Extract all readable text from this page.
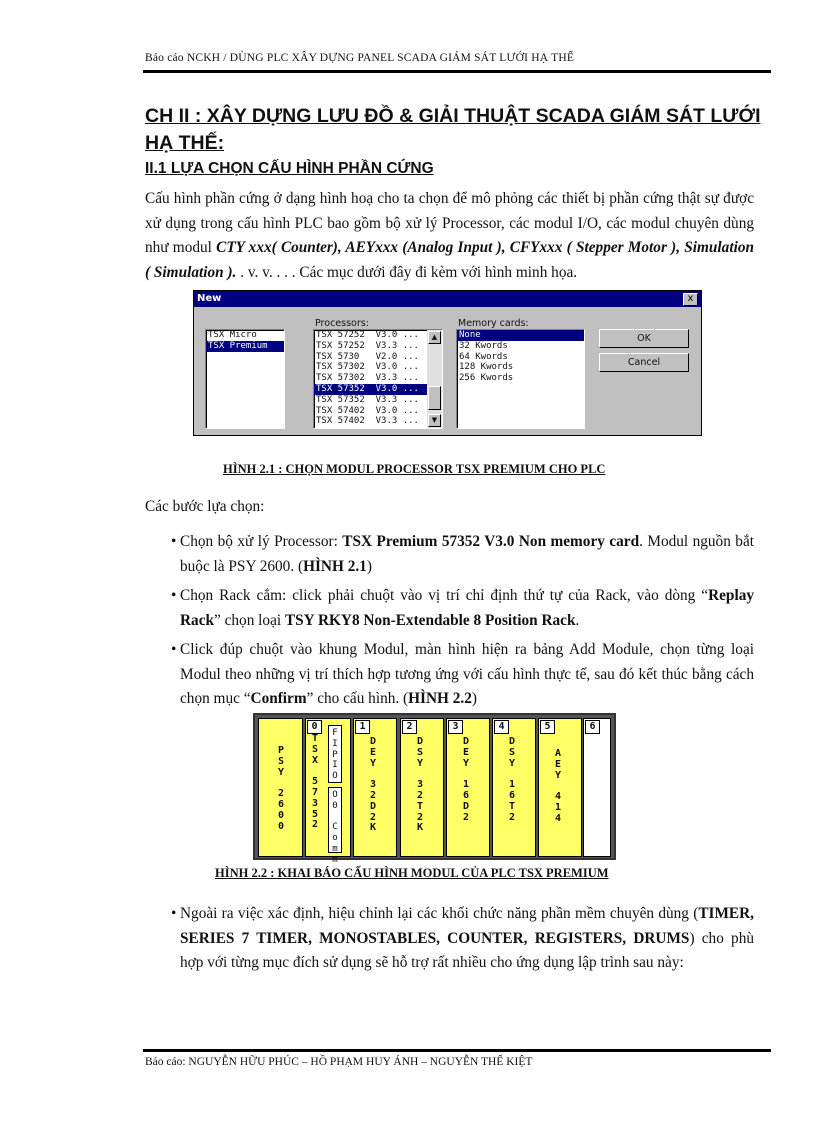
Báo cáo NCKH / DÙNG PLC XÂY DỰNG PANEL SCADA GIÁM SÁT LƯỚI HẠ THẾ
CH II : XÂY DỰNG LƯU ĐỒ & GIẢI THUẬT SCADA GIÁM SÁT LƯỚI HẠ THẾ:
II.1 LỰA CHỌN CẤU HÌNH PHẦN CỨNG
Cấu hình phần cứng ở dạng hình hoạ cho ta chọn để mô phỏng các thiết bị phần cứng thật sự được xử dụng trong cấu hình PLC bao gồm bộ xử lý Processor, các modul I/O, các modul chuyên dùng như modul CTY xxx( Counter), AEYxxx (Analog Input ), CFYxxx ( Stepper Motor ), Simulation ( Simulation ). . v. v. . . . Các mục dưới đây đi kèm với hình minh họa.
New	x
TSX Micro
TSX Premium
Processors:
TSX 57252  V3.0 ...
TSX 57252  V3.3 ...
TSX 5730   V2.0 ...
TSX 57302  V3.0 ...
TSX 57302  V3.3 ...
TSX 57352  V3.0 ...
TSX 57352  V3.3 ...
TSX 57402  V3.0 ...
TSX 57402  V3.3 ...
▲
▼
Memory cards:
None
32 Kwords
64 Kwords
128 Kwords
256 Kwords
OK
Cancel
HÌNH 2.1 : CHỌN MODUL PROCESSOR TSX PREMIUM CHO PLC
Các bước lựa chọn:
• Chọn bộ xử lý Processor: TSX Premium 57352 V3.0 Non memory card. Modul nguồn bắt buộc là PSY 2600. (HÌNH 2.1)
• Chọn Rack cắm: click phải chuột vào vị trí chỉ định thứ tự của Rack, vào dòng “Replay Rack” chọn loại TSY RKY8 Non-Extendable 8 Position Rack.
• Click đúp chuột vào khung Modul, màn hình hiện ra bảng Add Module, chọn từng loại Modul theo những vị trí thích hợp tương ứng với cấu hình thực tế, sau đó kết thúc bằng cách chọn mục “Confirm” cho cấu hình. (HÌNH 2.2)
P
S
Y

2
6
0
0
0
T
S
X

5
7
3
5
2
F
I
P
I
O
O
0

C
o
m
m
1
D
E
Y

3
2
D
2
K
2
D
S
Y

3
2
T
2
K
3
D
E
Y

1
6
D
2
4
D
S
Y

1
6
T
2
5
A
E
Y

4
1
4
6
HÌNH 2.2 : KHAI BÁO CẤU HÌNH MODUL CỦA PLC TSX PREMIUM
• Ngoài ra việc xác định, hiệu chỉnh lại các khối chức năng phần mềm chuyên dùng (TIMER, SERIES 7 TIMER, MONOSTABLES, COUNTER, REGISTERS, DRUMS) cho phù hợp với từng mục đích sử dụng sẽ hỗ trợ rất nhiều cho ứng dụng lập trình sau này:
Báo cáo: NGUYỄN HỮU PHÚC – HỒ PHẠM HUY ÁNH – NGUYỄN THẾ KIỆT
